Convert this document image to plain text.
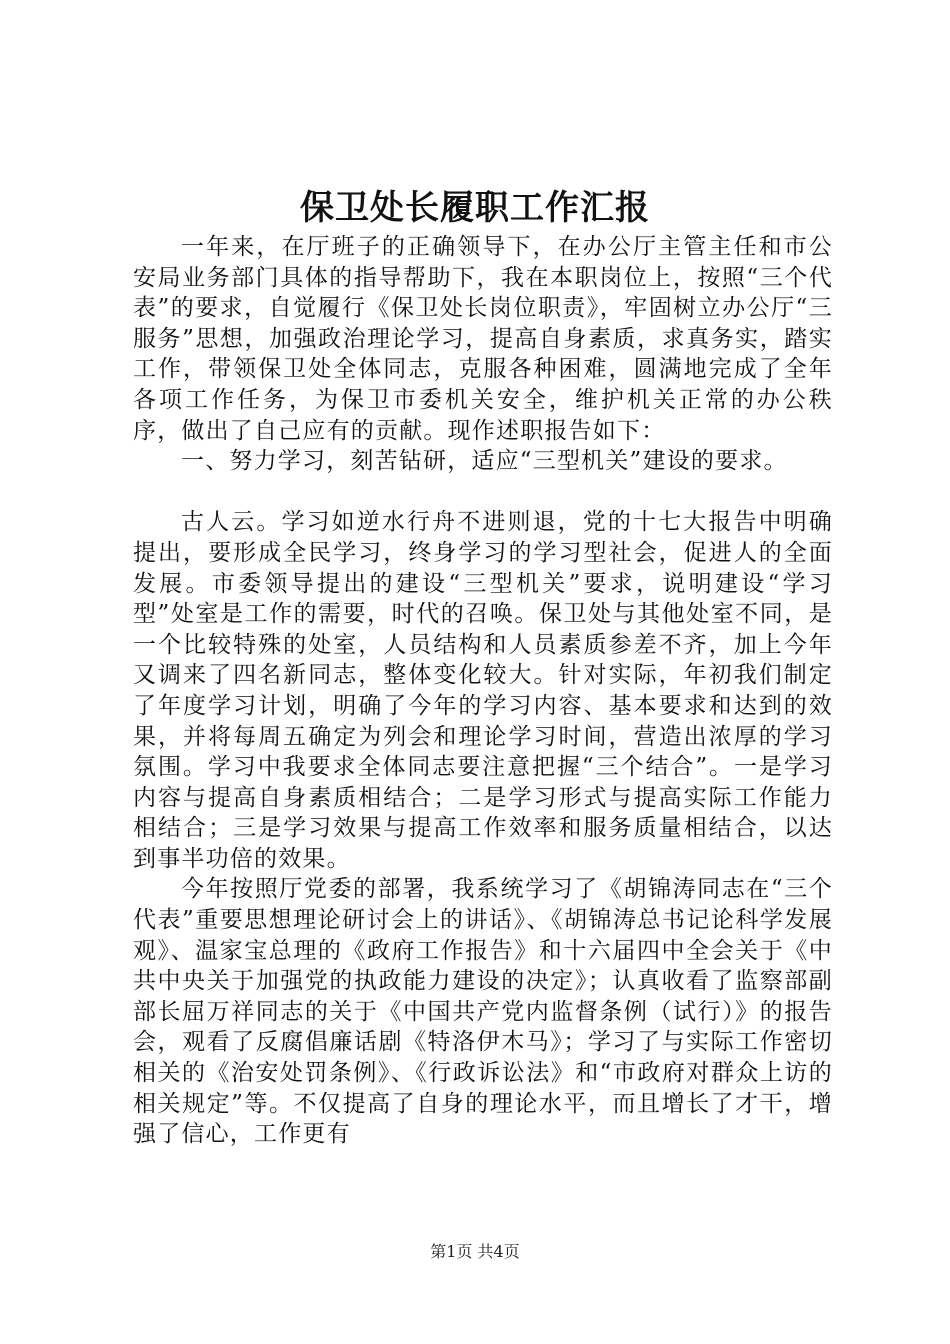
保卫处长履职工作汇报

一年来，在厅班子的正确领导下，在办公厅主管主任和市公安局业务部门具体的指导帮助下，我在本职岗位上，按照“三个代表”的要求，自觉履行《保卫处长岗位职责》，牢固树立办公厅“三服务”思想，加强政治理论学习，提高自身素质，求真务实，踏实工作，带领保卫处全体同志，克服各种困难，圆满地完成了全年各项工作任务，为保卫市委机关安全，维护机关正常的办公秩序，做出了自己应有的贡献。现作述职报告如下：

一、努力学习，刻苦钻研，适应“三型机关”建设的要求。

古人云。学习如逆水行舟不进则退，党的十七大报告中明确提出，要形成全民学习，终身学习的学习型社会，促进人的全面发展。市委领导提出的建设“三型机关”要求，说明建设“学习型”处室是工作的需要，时代的召唤。保卫处与其他处室不同，是一个比较特殊的处室，人员结构和人员素质参差不齐，加上今年又调来了四名新同志，整体变化较大。针对实际，年初我们制定了年度学习计划，明确了今年的学习内容、基本要求和达到的效果，并将每周五确定为列会和理论学习时间，营造出浓厚的学习氛围。学习中我要求全体同志要注意把握“三个结合”。一是学习内容与提高自身素质相结合；二是学习形式与提高实际工作能力相结合；三是学习效果与提高工作效率和服务质量相结合，以达到事半功倍的效果。

今年按照厅党委的部署，我系统学习了《胡锦涛同志在“三个代表”重要思想理论研讨会上的讲话》、《胡锦涛总书记论科学发展观》、温家宝总理的《政府工作报告》和十六届四中全会关于《中共中央关于加强党的执政能力建设的决定》；认真收看了监察部副部长屈万祥同志的关于《中国共产党内监督条例（试行）》的报告会，观看了反腐倡廉话剧《特洛伊木马》；学习了与实际工作密切相关的《治安处罚条例》、《行政诉讼法》和“市政府对群众上访的相关规定”等。不仅提高了自身的理论水平，而且增长了才干，增强了信心，工作更有

第1页 共4页
